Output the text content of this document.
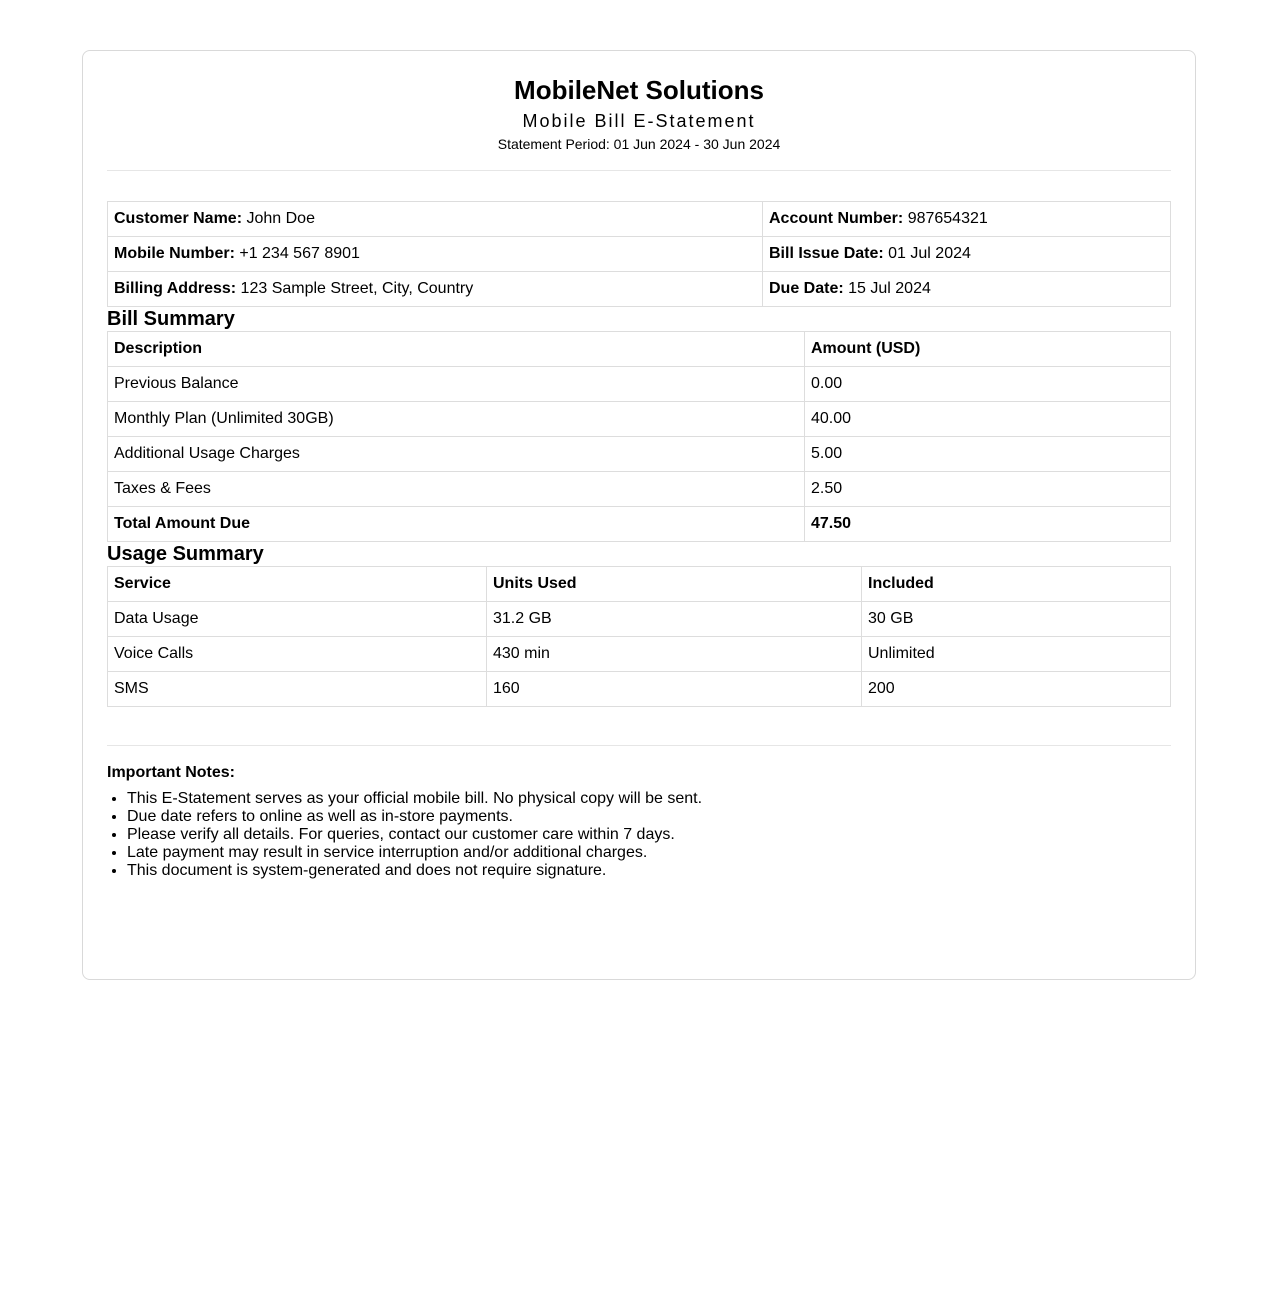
MobileNet Solutions
Mobile Bill E-Statement
Statement Period: 01 Jun 2024 - 30 Jun 2024
Customer Name: John Doe	Account Number: 987654321
Mobile Number: +1 234 567 8901	Bill Issue Date: 01 Jul 2024
Billing Address: 123 Sample Street, City, Country	Due Date: 15 Jul 2024
Bill Summary
Description	Amount (USD)
Previous Balance	0.00
Monthly Plan (Unlimited 30GB)	40.00
Additional Usage Charges	5.00
Taxes & Fees	2.50
Total Amount Due	47.50
Usage Summary
Service	Units Used	Included
Data Usage	31.2 GB	30 GB
Voice Calls	430 min	Unlimited
SMS	160	200
Important Notes:
• This E-Statement serves as your official mobile bill. No physical copy will be sent.
• Due date refers to online as well as in-store payments.
• Please verify all details. For queries, contact our customer care within 7 days.
• Late payment may result in service interruption and/or additional charges.
• This document is system-generated and does not require signature.
